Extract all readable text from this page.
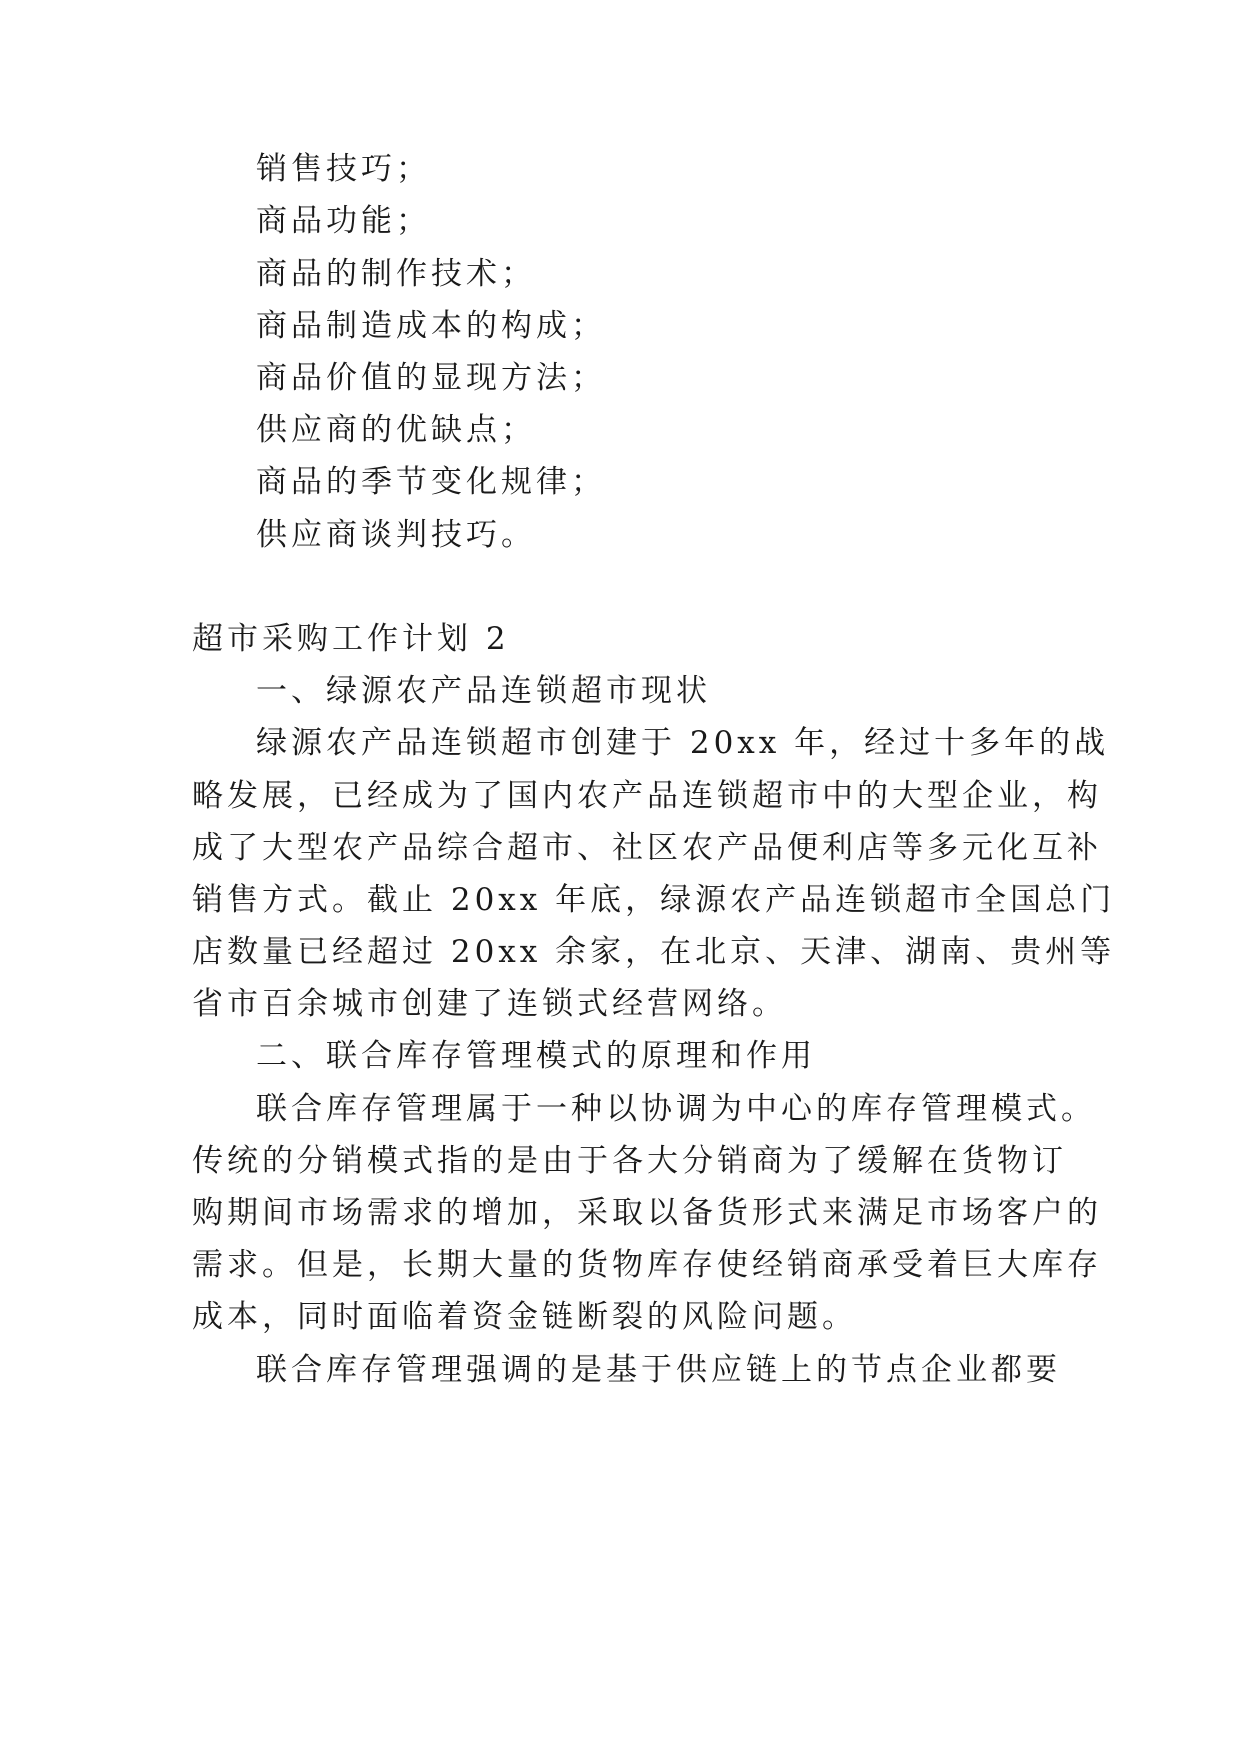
销售技巧；
商品功能；
商品的制作技术；
商品制造成本的构成；
商品价值的显现方法；
供应商的优缺点；
商品的季节变化规律；
供应商谈判技巧。
超市采购工作计划 2
一、绿源农产品连锁超市现状
绿源农产品连锁超市创建于 20xx 年，经过十多年的战
略发展，已经成为了国内农产品连锁超市中的大型企业，构
成了大型农产品综合超市、社区农产品便利店等多元化互补
销售方式。截止 20xx 年底，绿源农产品连锁超市全国总门
店数量已经超过 20xx 余家，在北京、天津、湖南、贵州等
省市百余城市创建了连锁式经营网络。
二、联合库存管理模式的原理和作用
联合库存管理属于一种以协调为中心的库存管理模式。
传统的分销模式指的是由于各大分销商为了缓解在货物订
购期间市场需求的增加，采取以备货形式来满足市场客户的
需求。但是，长期大量的货物库存使经销商承受着巨大库存
成本，同时面临着资金链断裂的风险问题。
联合库存管理强调的是基于供应链上的节点企业都要
